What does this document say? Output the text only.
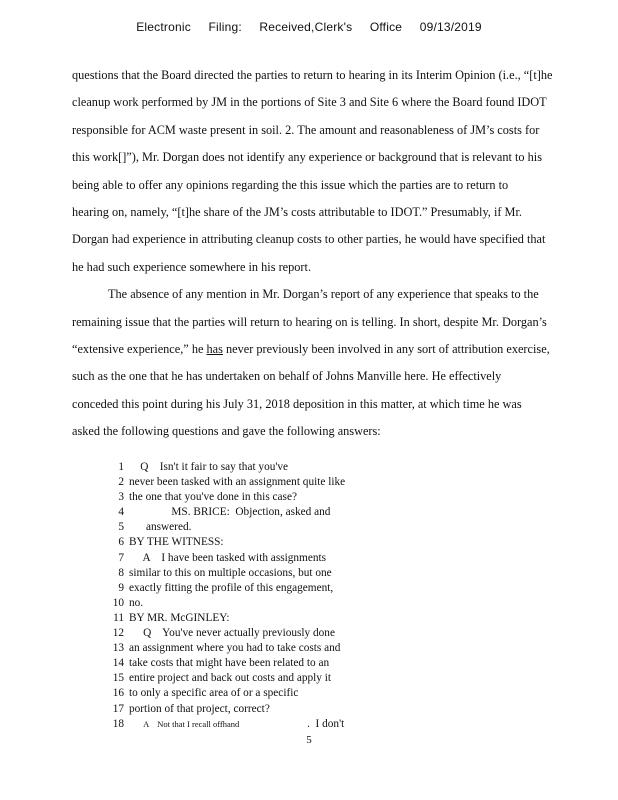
Electronic Filing: Received,Clerk's Office 09/13/2019
questions that the Board directed the parties to return to hearing in its Interim Opinion (i.e., “[t]he
cleanup work performed by JM in the portions of Site 3 and Site 6 where the Board found IDOT
responsible for ACM waste present in soil. 2. The amount and reasonableness of JM’s costs for
this work[]”), Mr. Dorgan does not identify any experience or background that is relevant to his
being able to offer any opinions regarding the this issue which the parties are to return to
hearing on, namely, “[t]he share of the JM’s costs attributable to IDOT.” Presumably, if Mr.
Dorgan had experience in attributing cleanup costs to other parties, he would have specified that
he had such experience somewhere in his report.
The absence of any mention in Mr. Dorgan’s report of any experience that speaks to the
remaining issue that the parties will return to hearing on is telling. In short, despite Mr. Dorgan’s
“extensive experience,” he has never previously been involved in any sort of attribution exercise,
such as the one that he has undertaken on behalf of Johns Manville here. He effectively
conceded this point during his July 31, 2018 deposition in this matter, at which time he was
asked the following questions and gave the following answers:
1 Q    Isn't it fair to say that you've
2 never been tasked with an assignment quite like
3 the one that you've done in this case?
4 MS. BRICE:  Objection, asked and
5 answered.
6 BY THE WITNESS:
7 A    I have been tasked with assignments
8 similar to this on multiple occasions, but one
9 exactly fitting the profile of this engagement,
10 no.
11 BY MR. McGINLEY:
12 Q    You've never actually previously done
13 an assignment where you had to take costs and
14 take costs that might have been related to an
15 entire project and back out costs and apply it
16 to only a specific area of or a specific
17 portion of that project, correct?
18	A    Not that I recall offhand	.  I don't
5
